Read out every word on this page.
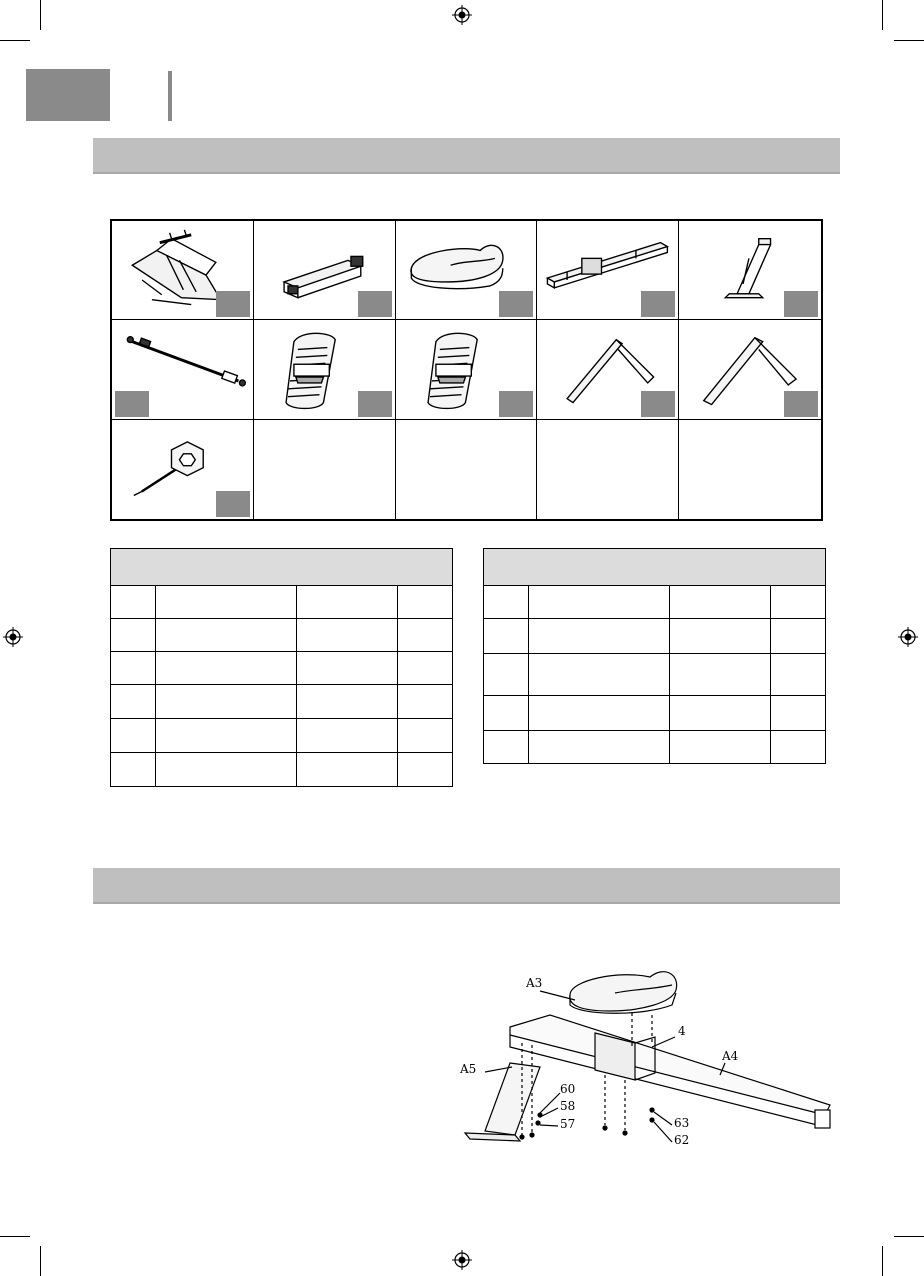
A3
4
A4
A5
60
58
57	63
62
